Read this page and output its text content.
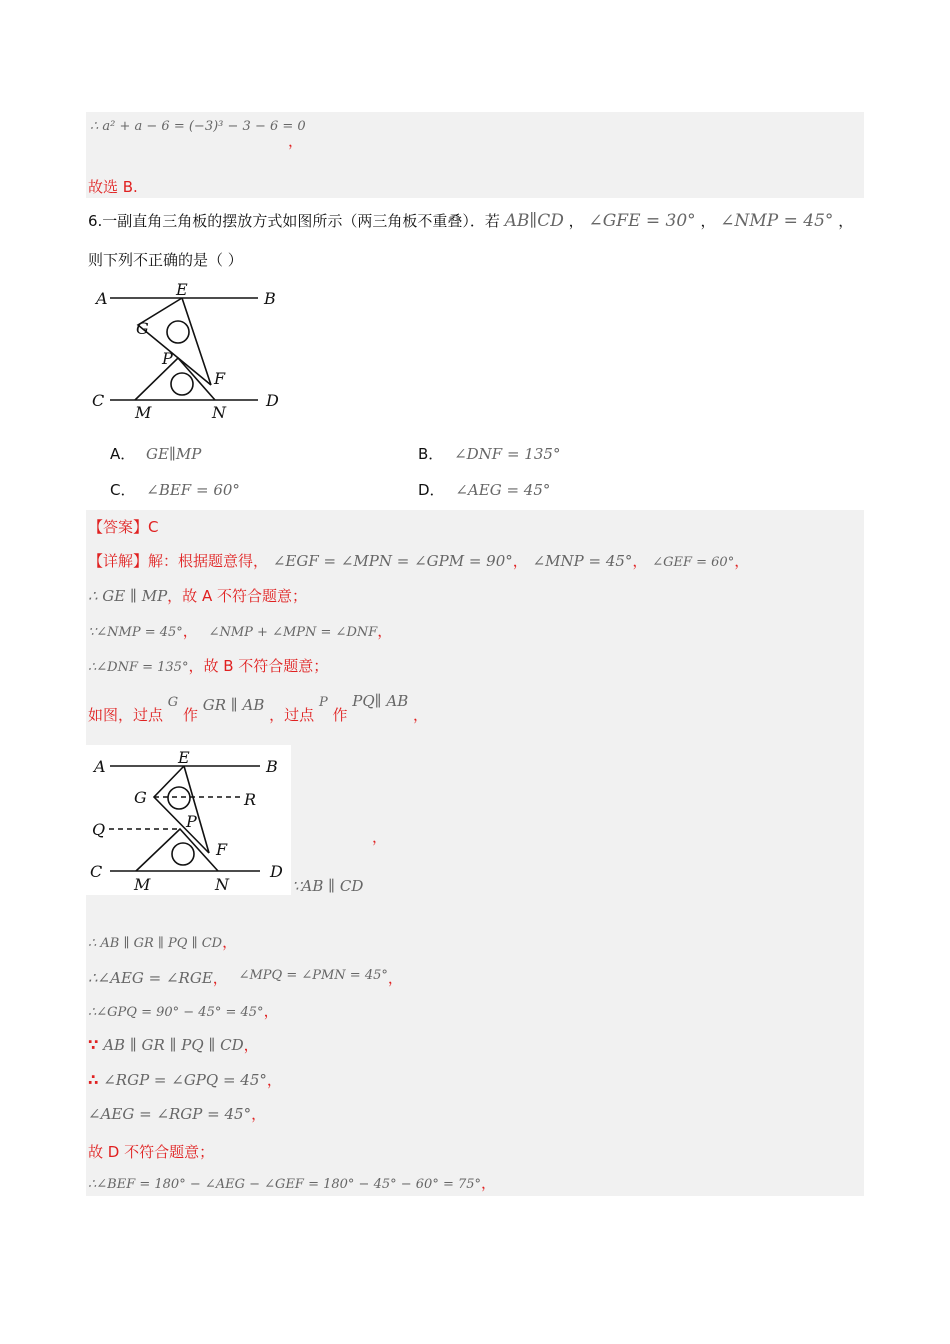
∴ a² + a − 6 = (−3)³ − 3 − 6 = 0
，
故选 B.
6.一副直角三角板的摆放方式如图所示（两三角板不重叠）．若 AB∥CD ， ∠GFE = 30° ， ∠NMP = 45° ，
则下列不正确的是（ ）
A	B
E
G
P
F
C	D
M	N
A． GE∥MP	B． ∠DNF = 135°
C． ∠BEF = 60°	D． ∠AEG = 45°
【答案】C
【详解】解：根据题意得， ∠EGF = ∠MPN = ∠GPM = 90°， ∠MNP = 45°， ∠GEF = 60°，
∴ GE ∥ MP，故 A 不符合题意；
∵∠NMP = 45°， ∠NMP + ∠MPN = ∠DNF，
∴∠DNF = 135°，故 B 不符合题意；
如图，过点 G 作 GR ∥ AB ，过点 P 作 PQ∥ AB ，
A	B
E
G	R
Q	P
F
C	D
M	N
，
∵AB ∥ CD
∴ AB ∥ GR ∥ PQ ∥ CD，
∴∠AEG = ∠RGE， ∠MPQ = ∠PMN = 45°，
∴∠GPQ = 90° − 45° = 45°，
∵ AB ∥ GR ∥ PQ ∥ CD，
∴ ∠RGP = ∠GPQ = 45°，
∠AEG = ∠RGP = 45°，
故 D 不符合题意；
∴∠BEF = 180° − ∠AEG − ∠GEF = 180° − 45° − 60° = 75°，
